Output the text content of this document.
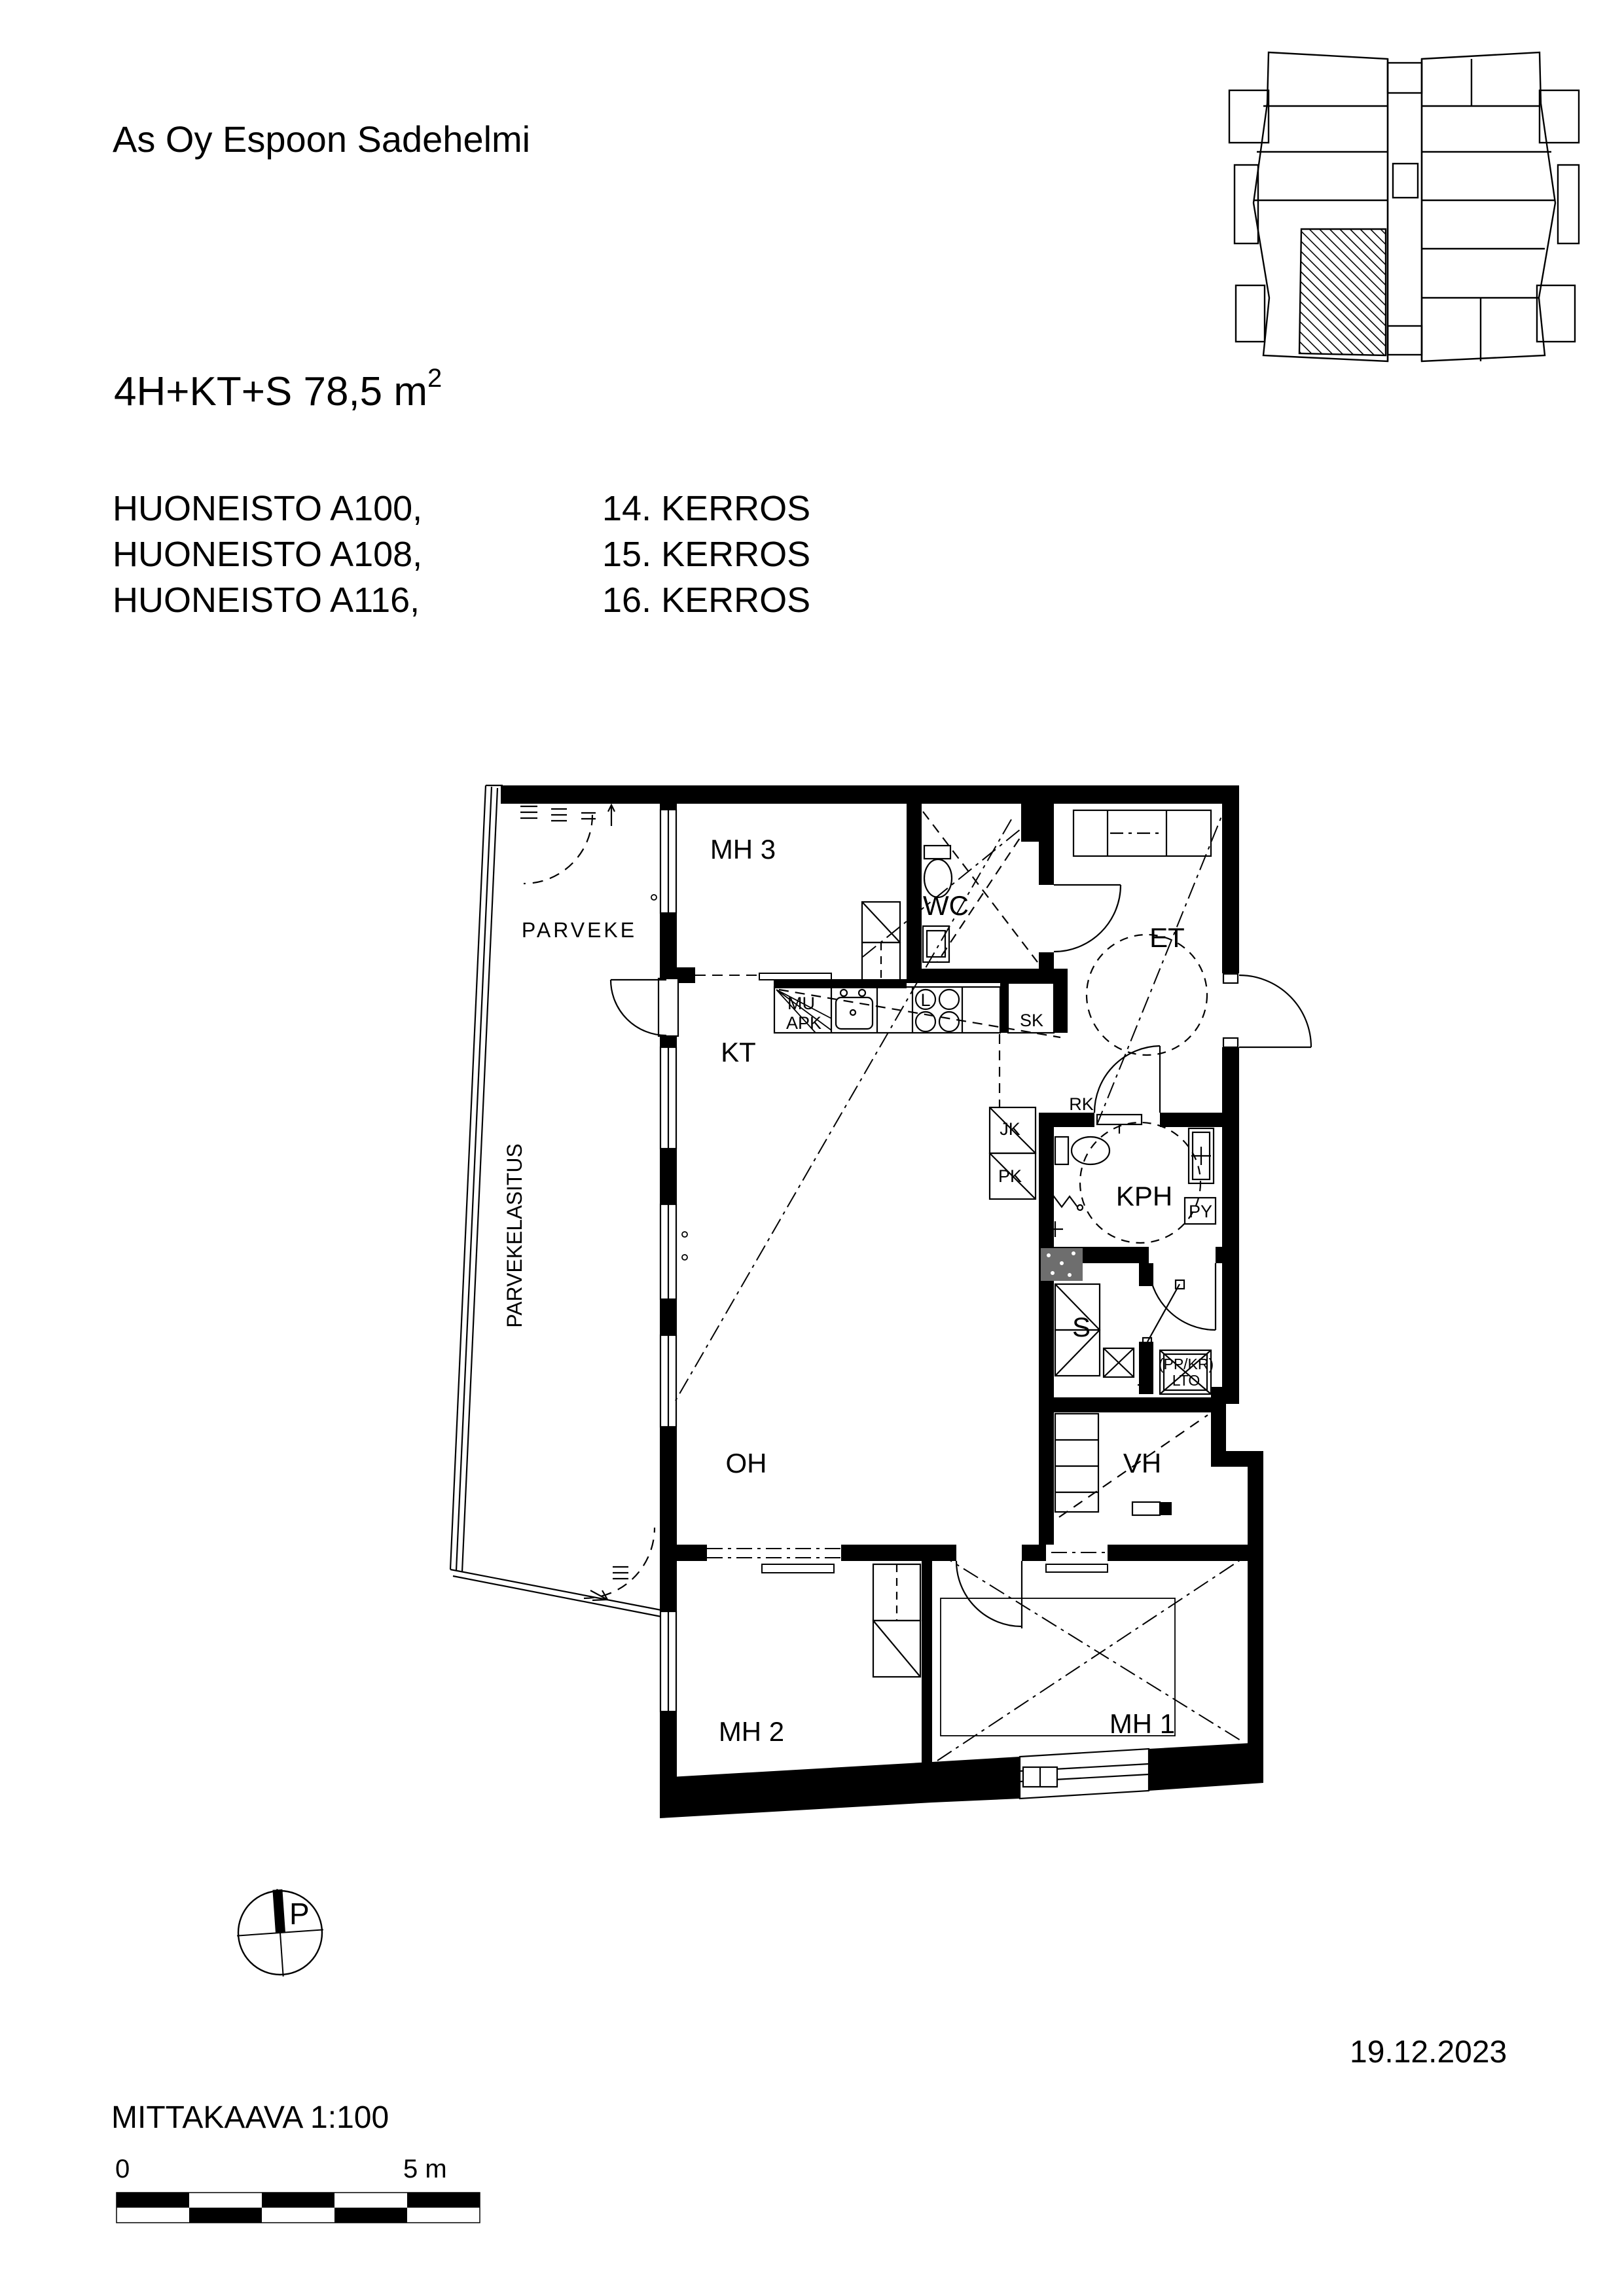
As Oy Espoon Sadehelmi
4H+KT+S 78,5 $m^2$
HUONEISTO A100,	14. KERROS
HUONEISTO A108,	15. KERROS
HUONEISTO A116,	16. KERROS
19.12.2023
MITTAKAAVA 1:100
0	5 m
MH 3
WC
ET
KT
KPH
S
OH	VH
MH 2	MH 1
PARVEKE
PARVEKELASITUS
MU
APK	SK
L
RK
JK
PK
PY
(PP/KR)
LTO
P
